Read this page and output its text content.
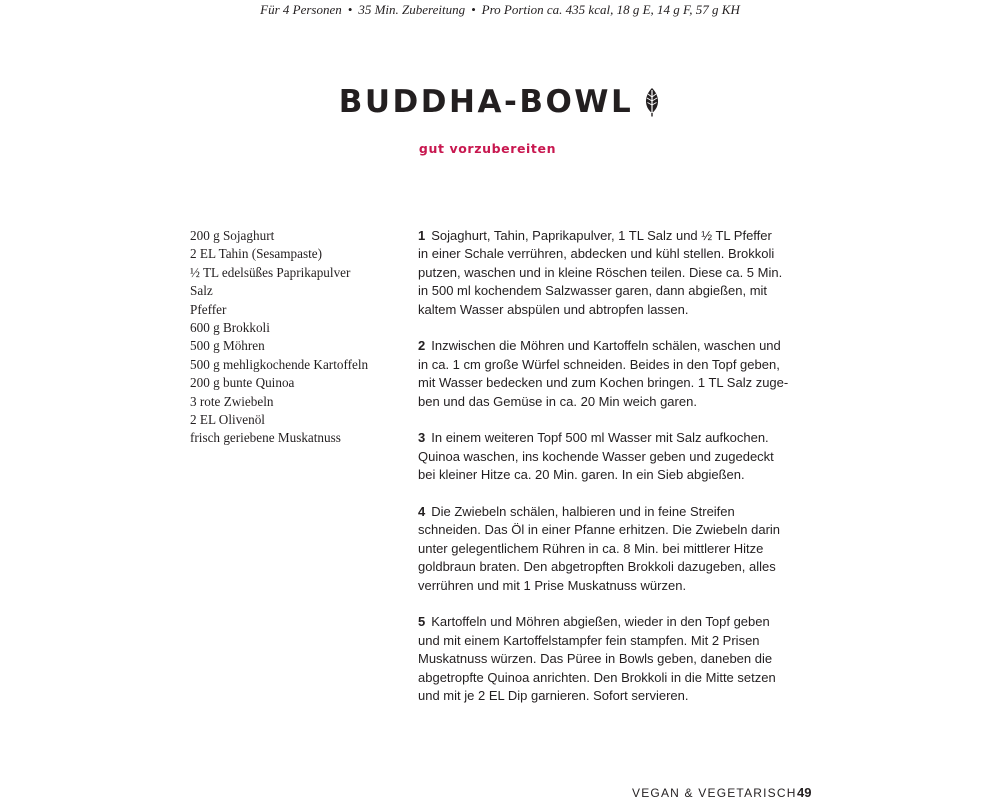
Für 4 Personen • 35 Min. Zubereitung • Pro Portion ca. 435 kcal, 18 g E, 14 g F, 57 g KH
BUDDHA-BOWL
gut vorzubereiten
200 g Sojaghurt
2 EL Tahin (Sesampaste)
½ TL edelsüßes Paprikapulver
Salz
Pfeffer
600 g Brokkoli
500 g Möhren
500 g mehligkochende Kartoffeln
200 g bunte Quinoa
3 rote Zwiebeln
2 EL Olivenöl
frisch geriebene Muskatnuss
1 Sojaghurt, Tahin, Paprikapulver, 1 TL Salz und ½ TL Pfeffer
in einer Schale verrühren, abdecken und kühl stellen. Brokkoli
putzen, waschen und in kleine Röschen teilen. Diese ca. 5 Min.
in 500 ml kochendem Salzwasser garen, dann abgießen, mit
kaltem Wasser abspülen und abtropfen lassen.
2 Inzwischen die Möhren und Kartoffeln schälen, waschen und
in ca. 1 cm große Würfel schneiden. Beides in den Topf geben,
mit Wasser bedecken und zum Kochen bringen. 1 TL Salz zuge-
ben und das Gemüse in ca. 20 Min weich garen.
3 In einem weiteren Topf 500 ml Wasser mit Salz aufkochen.
Quinoa waschen, ins kochende Wasser geben und zugedeckt
bei kleiner Hitze ca. 20 Min. garen. In ein Sieb abgießen.
4 Die Zwiebeln schälen, halbieren und in feine Streifen
schneiden. Das Öl in einer Pfanne erhitzen. Die Zwiebeln darin
unter gelegentlichem Rühren in ca. 8 Min. bei mittlerer Hitze
goldbraun braten. Den abgetropften Brokkoli dazugeben, alles
verrühren und mit 1 Prise Muskatnuss würzen.
5 Kartoffeln und Möhren abgießen, wieder in den Topf geben
und mit einem Kartoffelstampfer fein stampfen. Mit 2 Prisen
Muskatnuss würzen. Das Püree in Bowls geben, daneben die
abgetropfte Quinoa anrichten. Den Brokkoli in die Mitte setzen
und mit je 2 EL Dip garnieren. Sofort servieren.
VEGAN & VEGETARISCH 49
